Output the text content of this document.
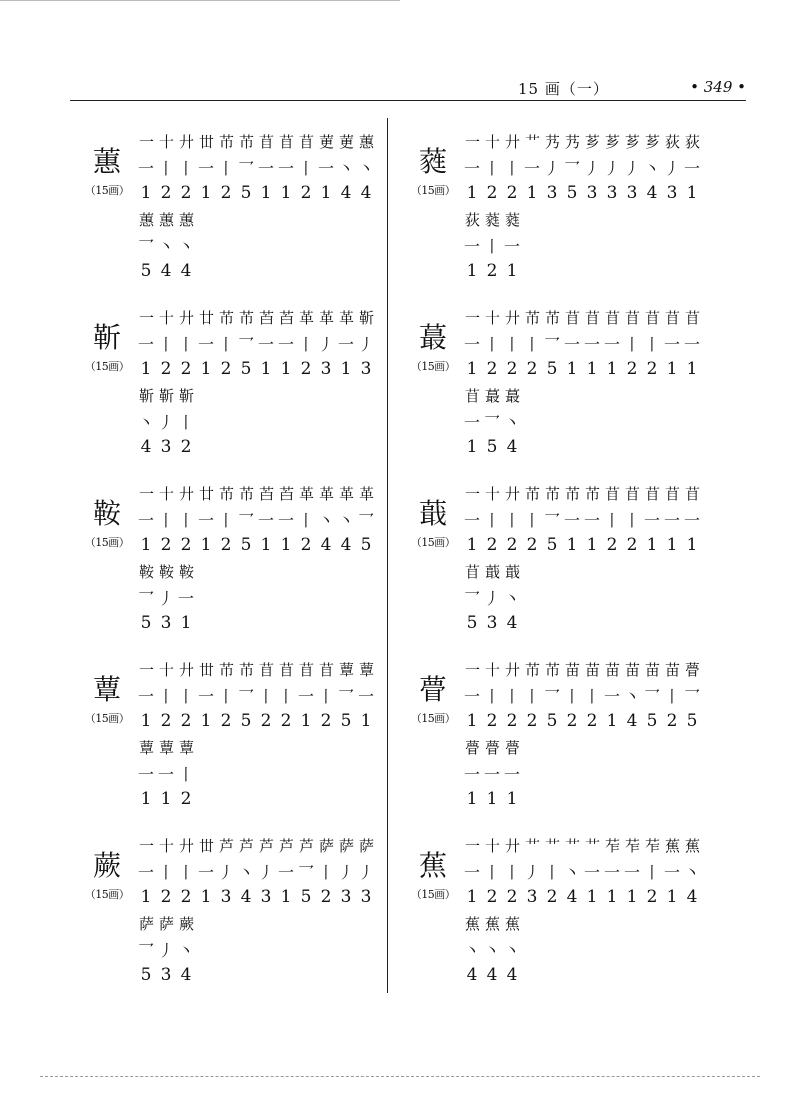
15 画（一）	• 349 •
蕙
（15画）
一 十 廾 丗 芇 芇 苜 苜 苜 莄 莄 蕙
一 丨 丨 一 丨 乛 一 一 丨 一 丶 丶
1 2 2 1 2 5 1 1 2 1 4 4
蕙 蕙 蕙
乛 丶 丶
5 4 4
靳
（15画）
一 十 廾 廿 芇 芇 苩 苩 革 革 革 靳
一 丨 丨 一 丨 乛 一 一 丨 丿 一 丿
1 2 2 1 2 5 1 1 2 3 1 3
靳 靳 靳
丶 丿 丨
4 3 2
鞍
（15画）
一 十 廾 廿 芇 芇 苩 苩 革 革 革 革
一 丨 丨 一 丨 乛 一 一 丨 丶 丶 乛
1 2 2 1 2 5 1 1 2 4 4 5
鞍 鞍 鞍
乛 丿 一
5 3 1
蕈
（15画）
一 十 廾 丗 芇 芇 苜 苜 苜 苜 蕈 蕈
一 丨 丨 一 丨 乛 丨 丨 一 丨 乛 一
1 2 2 1 2 5 2 2 1 2 5 1
蕈 蕈 蕈
一 一 丨
1 1 2
蕨
（15画）
一 十 廾 丗 芦 芦 芦 芦 芦 萨 萨 萨
一 丨 丨 一 丿 丶 丿 一 乛 丨 丿 丿
1 2 2 1 3 4 3 1 5 2 3 3
萨 萨 蕨
乛 丿 丶
5 3 4
蕤
（15画）
一 十 廾 艹 艿 艿 芗 芗 芗 芗 荻 荻
一 丨 丨 一 丿 乛 丿 丿 丿 丶 丿 一
1 2 2 1 3 5 3 3 3 4 3 1
荻 蕤 蕤
一 丨 一
1 2 1
蕞
（15画）
一 十 廾 芇 芇 苜 苜 苜 苜 苜 苜 苜
一 丨 丨 丨 乛 一 一 一 丨 丨 一 一
1 2 2 2 5 1 1 1 2 2 1 1
苜 蕞 蕞
一 乛 丶
1 5 4
蕺
（15画）
一 十 廾 芇 芇 芇 芇 苜 苜 苜 苜 苜
一 丨 丨 丨 乛 一 一 丨 丨 一 一 一
1 2 2 2 5 1 1 2 2 1 1 1
苜 蕺 蕺
乛 丿 丶
5 3 4
瞢
（15画）
一 十 廾 芇 芇 苗 苗 苗 苗 苗 苗 瞢
一 丨 丨 丨 乛 丨 丨 一 丶 乛 丨 乛
1 2 2 2 5 2 2 1 4 5 2 5
瞢 瞢 瞢
一 一 一
1 1 1
蕉
（15画）
一 十 廾 艹 艹 艹 艹 苲 苲 苲 蕉 蕉
一 丨 丨 丿 丨 丶 一 一 一 丨 一 丶
1 2 2 3 2 4 1 1 1 2 1 4
蕉 蕉 蕉
丶 丶 丶
4 4 4
